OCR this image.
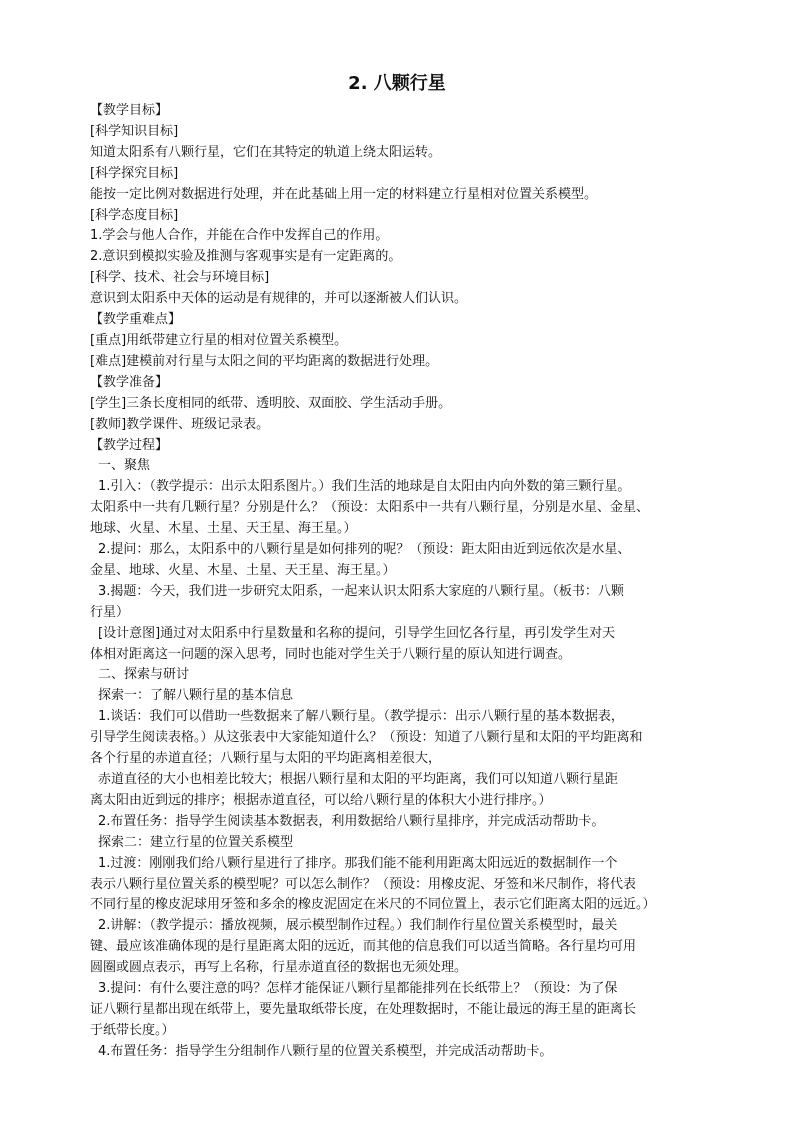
2. 八颗行星
【教学目标】
[科学知识目标]
知道太阳系有八颗行星，它们在其特定的轨道上绕太阳运转。
[科学探究目标]
能按一定比例对数据进行处理，并在此基础上用一定的材料建立行星相对位置关系模型。
[科学态度目标]
1.学会与他人合作，并能在合作中发挥自己的作用。
2.意识到模拟实验及推测与客观事实是有一定距离的。
[科学、技术、社会与环境目标]
意识到太阳系中天体的运动是有规律的，并可以逐渐被人们认识。
【教学重难点】
[重点]用纸带建立行星的相对位置关系模型。
[难点]建模前对行星与太阳之间的平均距离的数据进行处理。
【教学准备】
[学生]三条长度相同的纸带、透明胶、双面胶、学生活动手册。
[教师]教学课件、班级记录表。
【教学过程】
一、聚焦
1.引入：（教学提示：出示太阳系图片。）我们生活的地球是自太阳由内向外数的第三颗行星。
太阳系中一共有几颗行星？分别是什么？（预设：太阳系中一共有八颗行星，分别是水星、金星、
地球、火星、木星、土星、天王星、海王星。）
2.提问：那么，太阳系中的八颗行星是如何排列的呢？（预设：距太阳由近到远依次是水星、
金星、地球、火星、木星、土星、天王星、海王星。）
3.揭题：今天，我们进一步研究太阳系，一起来认识太阳系大家庭的八颗行星。（板书：八颗
行星）
[设计意图]通过对太阳系中行星数量和名称的提问，引导学生回忆各行星，再引发学生对天
体相对距离这一问题的深入思考，同时也能对学生关于八颗行星的原认知进行调查。
二、探索与研讨
探索一：了解八颗行星的基本信息
1.谈话：我们可以借助一些数据来了解八颗行星。（教学提示：出示八颗行星的基本数据表，
引导学生阅读表格。）从这张表中大家能知道什么？（预设：知道了八颗行星和太阳的平均距离和
各个行星的赤道直径；八颗行星与太阳的平均距离相差很大，
赤道直径的大小也相差比较大；根据八颗行星和太阳的平均距离，我们可以知道八颗行星距
离太阳由近到远的排序；根据赤道直径，可以给八颗行星的体积大小进行排序。）
2.布置任务：指导学生阅读基本数据表，利用数据给八颗行星排序，并完成活动帮助卡。
探索二：建立行星的位置关系模型
1.过渡：刚刚我们给八颗行星进行了排序。那我们能不能利用距离太阳远近的数据制作一个
表示八颗行星位置关系的模型呢？可以怎么制作？（预设：用橡皮泥、牙签和米尺制作，将代表
不同行星的橡皮泥球用牙签和多余的橡皮泥固定在米尺的不同位置上，表示它们距离太阳的远近。）
2.讲解：（教学提示：播放视频，展示模型制作过程。）我们制作行星位置关系模型时，最关
键、最应该准确体现的是行星距离太阳的远近，而其他的信息我们可以适当简略。各行星均可用
圆圈或圆点表示，再写上名称，行星赤道直径的数据也无须处理。
3.提问：有什么要注意的吗？怎样才能保证八颗行星都能排列在长纸带上？（预设：为了保
证八颗行星都出现在纸带上，要先量取纸带长度，在处理数据时，不能让最远的海王星的距离长
于纸带长度。）
4.布置任务：指导学生分组制作八颗行星的位置关系模型，并完成活动帮助卡。
